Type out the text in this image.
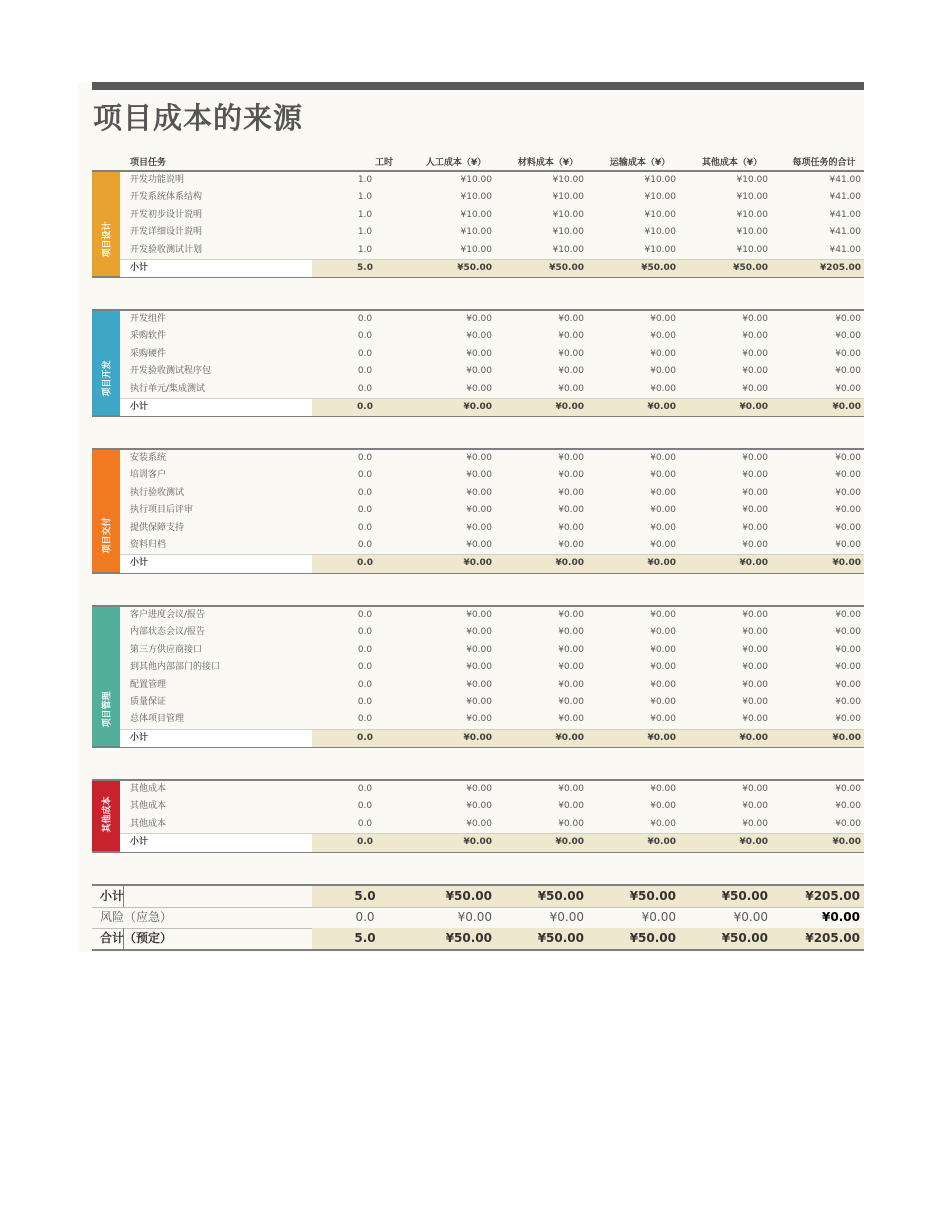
项目成本的来源
项目任务	工时	人工成本（¥）	材料成本（¥）	运输成本（¥）	其他成本（¥）	每项任务的合计
项目设计
开发功能说明	1.0	¥10.00	¥10.00	¥10.00	¥10.00	¥41.00
开发系统体系结构	1.0	¥10.00	¥10.00	¥10.00	¥10.00	¥41.00
开发初步设计说明	1.0	¥10.00	¥10.00	¥10.00	¥10.00	¥41.00
开发详细设计说明	1.0	¥10.00	¥10.00	¥10.00	¥10.00	¥41.00
开发验收测试计划	1.0	¥10.00	¥10.00	¥10.00	¥10.00	¥41.00
小计	5.0	¥50.00	¥50.00	¥50.00	¥50.00	¥205.00
项目开发
开发组件	0.0	¥0.00	¥0.00	¥0.00	¥0.00	¥0.00
采购软件	0.0	¥0.00	¥0.00	¥0.00	¥0.00	¥0.00
采购硬件	0.0	¥0.00	¥0.00	¥0.00	¥0.00	¥0.00
开发验收测试程序包	0.0	¥0.00	¥0.00	¥0.00	¥0.00	¥0.00
执行单元/集成测试	0.0	¥0.00	¥0.00	¥0.00	¥0.00	¥0.00
小计	0.0	¥0.00	¥0.00	¥0.00	¥0.00	¥0.00
项目交付
安装系统	0.0	¥0.00	¥0.00	¥0.00	¥0.00	¥0.00
培训客户	0.0	¥0.00	¥0.00	¥0.00	¥0.00	¥0.00
执行验收测试	0.0	¥0.00	¥0.00	¥0.00	¥0.00	¥0.00
执行项目后评审	0.0	¥0.00	¥0.00	¥0.00	¥0.00	¥0.00
提供保障支持	0.0	¥0.00	¥0.00	¥0.00	¥0.00	¥0.00
资料归档	0.0	¥0.00	¥0.00	¥0.00	¥0.00	¥0.00
小计	0.0	¥0.00	¥0.00	¥0.00	¥0.00	¥0.00
项目管理
客户进度会议/报告	0.0	¥0.00	¥0.00	¥0.00	¥0.00	¥0.00
内部状态会议/报告	0.0	¥0.00	¥0.00	¥0.00	¥0.00	¥0.00
第三方供应商接口	0.0	¥0.00	¥0.00	¥0.00	¥0.00	¥0.00
到其他内部部门的接口	0.0	¥0.00	¥0.00	¥0.00	¥0.00	¥0.00
配置管理	0.0	¥0.00	¥0.00	¥0.00	¥0.00	¥0.00
质量保证	0.0	¥0.00	¥0.00	¥0.00	¥0.00	¥0.00
总体项目管理	0.0	¥0.00	¥0.00	¥0.00	¥0.00	¥0.00
小计	0.0	¥0.00	¥0.00	¥0.00	¥0.00	¥0.00
其他成本
其他成本	0.0	¥0.00	¥0.00	¥0.00	¥0.00	¥0.00
其他成本	0.0	¥0.00	¥0.00	¥0.00	¥0.00	¥0.00
其他成本	0.0	¥0.00	¥0.00	¥0.00	¥0.00	¥0.00
小计	0.0	¥0.00	¥0.00	¥0.00	¥0.00	¥0.00
小计	5.0	¥50.00	¥50.00	¥50.00	¥50.00	¥205.00
风险（应急）	0.0	¥0.00	¥0.00	¥0.00	¥0.00	¥0.00
合计（预定）	5.0	¥50.00	¥50.00	¥50.00	¥50.00	¥205.00
